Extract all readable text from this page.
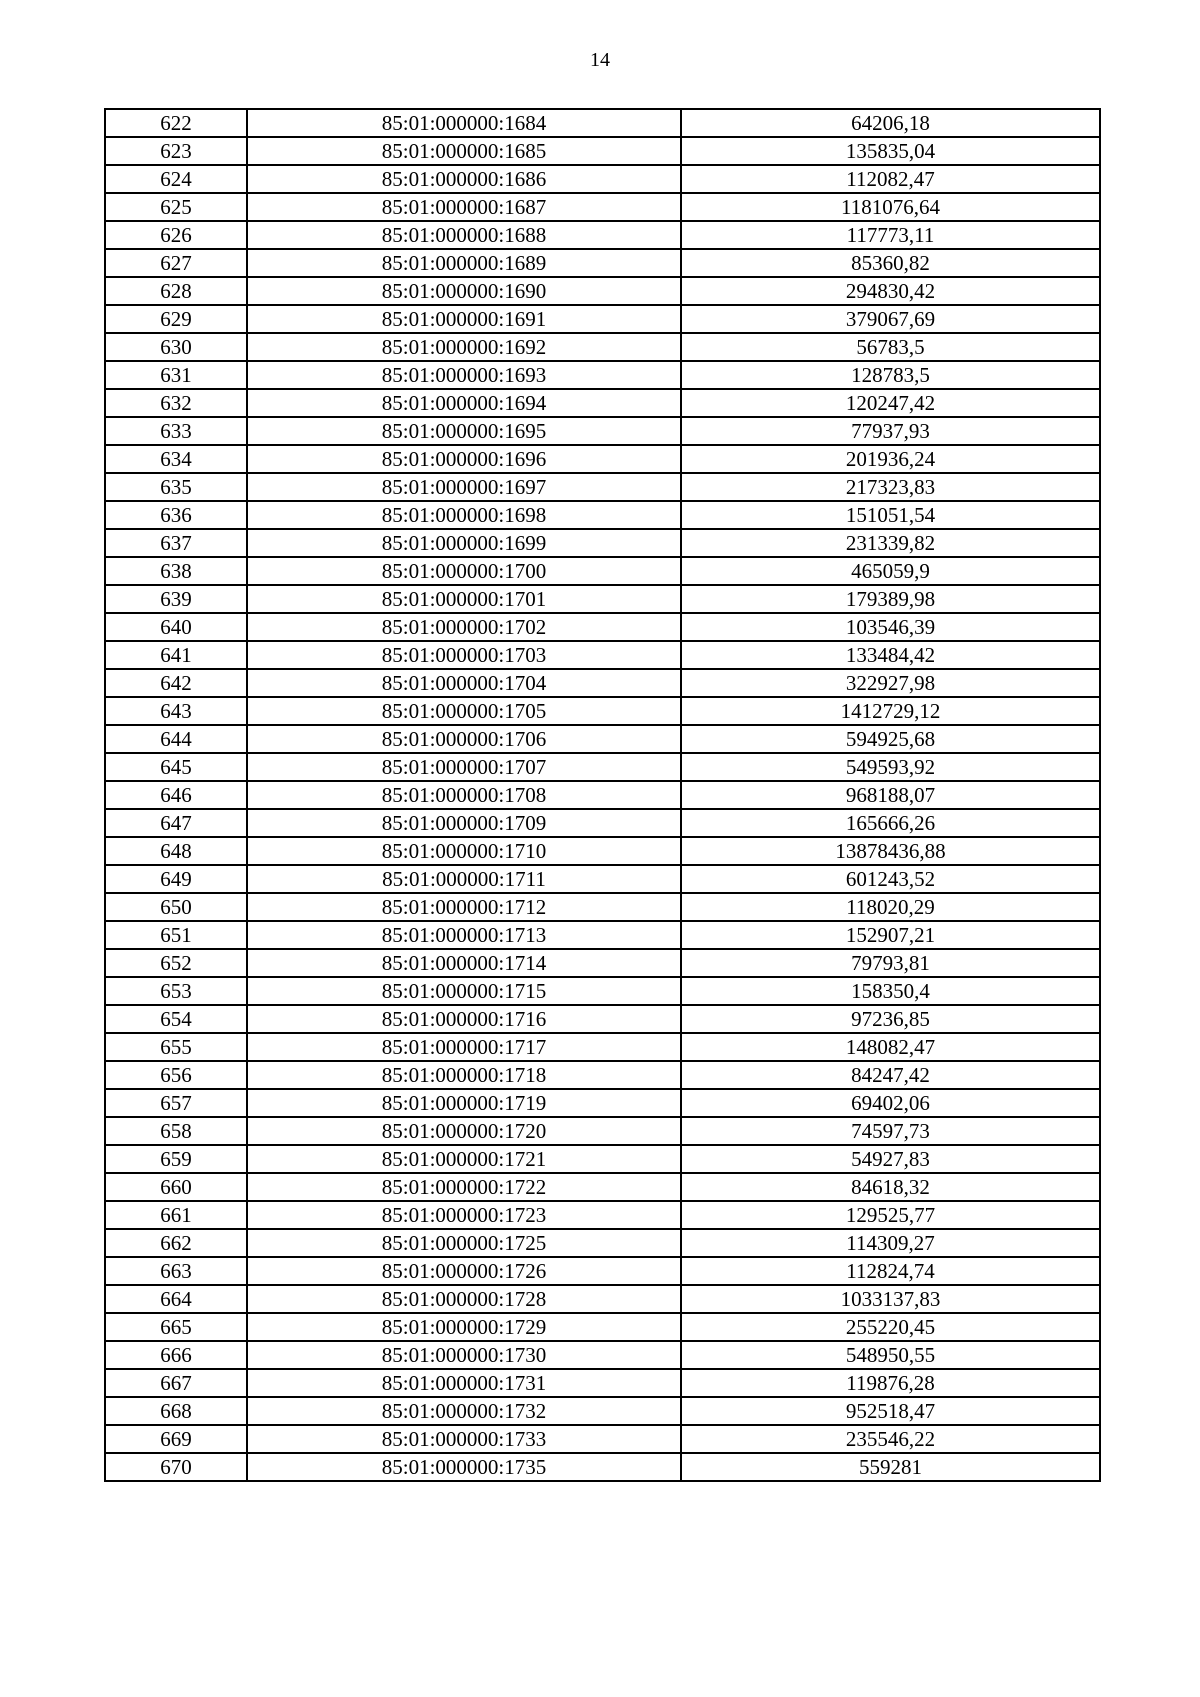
14
622	85:01:000000:1684	64206,18
623	85:01:000000:1685	135835,04
624	85:01:000000:1686	112082,47
625	85:01:000000:1687	1181076,64
626	85:01:000000:1688	117773,11
627	85:01:000000:1689	85360,82
628	85:01:000000:1690	294830,42
629	85:01:000000:1691	379067,69
630	85:01:000000:1692	56783,5
631	85:01:000000:1693	128783,5
632	85:01:000000:1694	120247,42
633	85:01:000000:1695	77937,93
634	85:01:000000:1696	201936,24
635	85:01:000000:1697	217323,83
636	85:01:000000:1698	151051,54
637	85:01:000000:1699	231339,82
638	85:01:000000:1700	465059,9
639	85:01:000000:1701	179389,98
640	85:01:000000:1702	103546,39
641	85:01:000000:1703	133484,42
642	85:01:000000:1704	322927,98
643	85:01:000000:1705	1412729,12
644	85:01:000000:1706	594925,68
645	85:01:000000:1707	549593,92
646	85:01:000000:1708	968188,07
647	85:01:000000:1709	165666,26
648	85:01:000000:1710	13878436,88
649	85:01:000000:1711	601243,52
650	85:01:000000:1712	118020,29
651	85:01:000000:1713	152907,21
652	85:01:000000:1714	79793,81
653	85:01:000000:1715	158350,4
654	85:01:000000:1716	97236,85
655	85:01:000000:1717	148082,47
656	85:01:000000:1718	84247,42
657	85:01:000000:1719	69402,06
658	85:01:000000:1720	74597,73
659	85:01:000000:1721	54927,83
660	85:01:000000:1722	84618,32
661	85:01:000000:1723	129525,77
662	85:01:000000:1725	114309,27
663	85:01:000000:1726	112824,74
664	85:01:000000:1728	1033137,83
665	85:01:000000:1729	255220,45
666	85:01:000000:1730	548950,55
667	85:01:000000:1731	119876,28
668	85:01:000000:1732	952518,47
669	85:01:000000:1733	235546,22
670	85:01:000000:1735	559281
